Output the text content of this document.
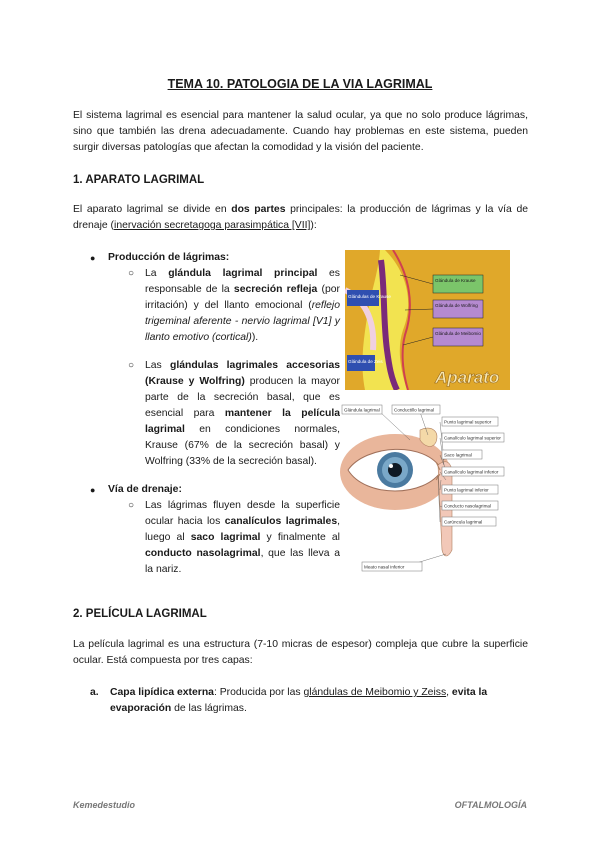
TEMA 10. PATOLOGIA DE LA VIA LAGRIMAL
El sistema lagrimal es esencial para mantener la salud ocular, ya que no solo produce lágrimas, sino que también las drena adecuadamente. Cuando hay problemas en este sistema, pueden surgir diversas patologías que afectan la comodidad y la visión del paciente.
1. APARATO LAGRIMAL
El aparato lagrimal se divide en dos partes principales: la producción de lágrimas y la vía de drenaje (inervación secretagoga parasimpática [VII]):
● Producción de lágrimas:
○ La glándula lagrimal principal es responsable de la secreción refleja (por irritación) y del llanto emocional (reflejo trigeminal aferente - nervio lagrimal [V1] y llanto emotivo (cortical)).
○ Las glándulas lagrimales accesorias (Krause y Wolfring) producen la mayor parte de la secreción basal, que es esencial para mantener la película lagrimal en condiciones normales, Krause (67% de la secreción basal) y Wolfring (33% de la secreción basal).
● Vía de drenaje:
○ Las lágrimas fluyen desde la superficie ocular hacia los canalículos lagrimales, luego al saco lagrimal y finalmente al conducto nasolagrimal, que las lleva a la nariz.
Glándula de Krause
Glándula de Wolfring
Glándula de Meibomio
Glándula de Zeis
Glándulas de Krause
Aparato
Glándula lagrimal	Conductillo lagrimal
Punto lagrimal superior
Canalículo lagrimal superior
Saco lagrimal
Canalículo lagrimal inferior
Punto lagrimal inferior
Conducto nasolagrimal
Carúncula lagrimal
Meato nasal inferior
2. PELÍCULA LAGRIMAL
La película lagrimal es una estructura (7-10 micras de espesor) compleja que cubre la superficie ocular. Está compuesta por tres capas:
a. Capa lipídica externa: Producida por las glándulas de Meibomio y Zeiss, evita la evaporación de las lágrimas.
Kemedestudio	OFTALMOLOGÍA
